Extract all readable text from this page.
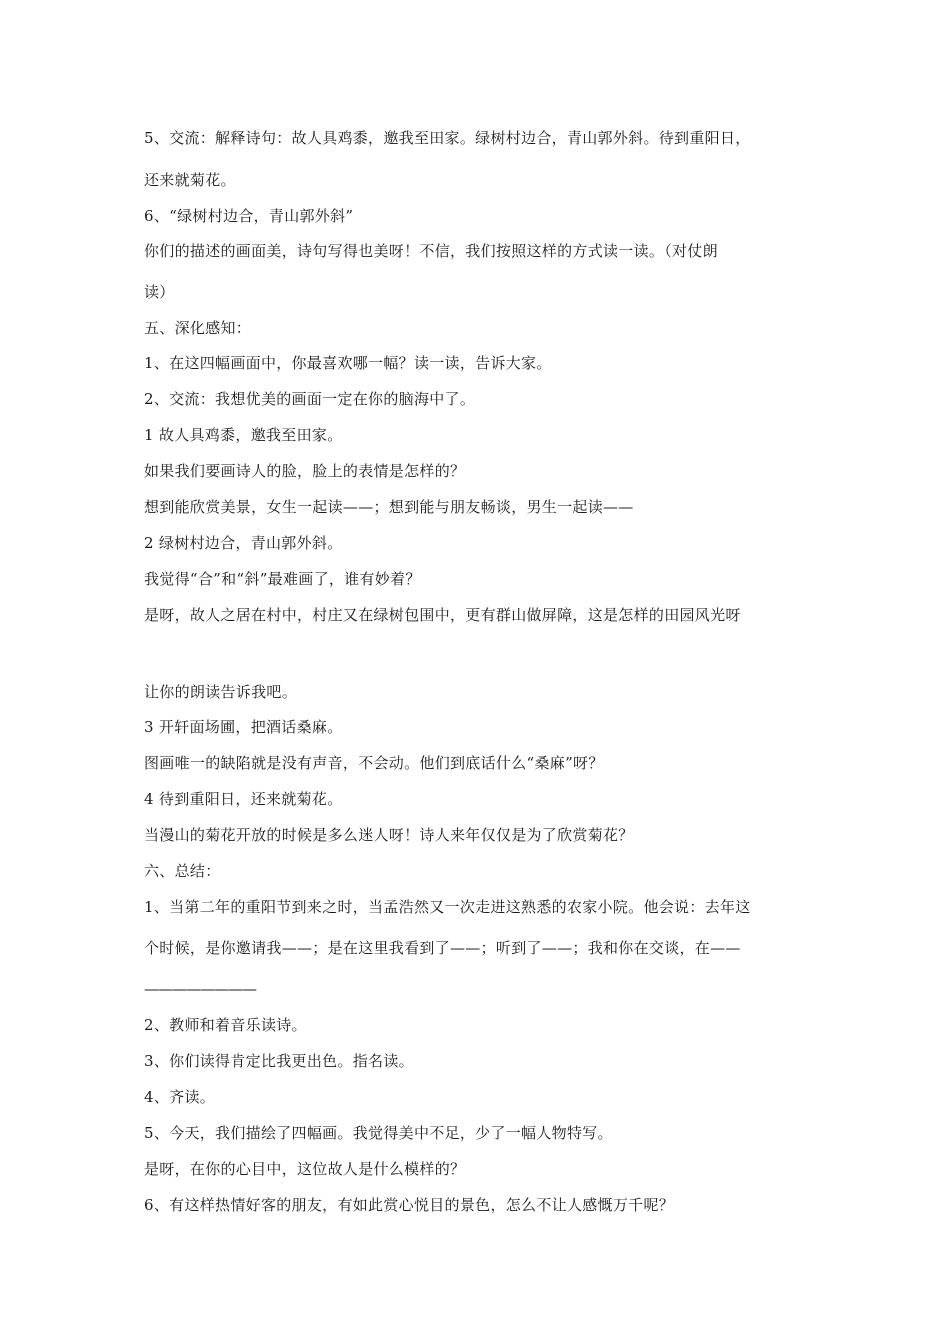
5、交流：解释诗句：故人具鸡黍，邀我至田家。绿树村边合，青山郭外斜。待到重阳日，

还来就菊花。

6、“绿树村边合，青山郭外斜”

你们的描述的画面美，诗句写得也美呀！不信，我们按照这样的方式读一读。（对仗朗

读）

五、深化感知：

1、在这四幅画面中，你最喜欢哪一幅？读一读，告诉大家。

2、交流：我想优美的画面一定在你的脑海中了。

1 故人具鸡黍，邀我至田家。

如果我们要画诗人的脸，脸上的表情是怎样的？

想到能欣赏美景，女生一起读——；想到能与朋友畅谈，男生一起读——

2 绿树村边合，青山郭外斜。

我觉得“合”和“斜”最难画了，谁有妙着？

是呀，故人之居在村中，村庄又在绿树包围中，更有群山做屏障，这是怎样的田园风光呀

让你的朗读告诉我吧。

3 开轩面场圃，把酒话桑麻。

图画唯一的缺陷就是没有声音，不会动。他们到底话什么“桑麻”呀？

4 待到重阳日，还来就菊花。

当漫山的菊花开放的时候是多么迷人呀！诗人来年仅仅是为了欣赏菊花？

六、总结：

1、当第二年的重阳节到来之时，当孟浩然又一次走进这熟悉的农家小院。他会说：去年这

个时候，是你邀请我——；是在这里我看到了——；听到了——；我和你在交谈，在——

————————

2、教师和着音乐读诗。

3、你们读得肯定比我更出色。指名读。

4、齐读。

5、今天，我们描绘了四幅画。我觉得美中不足，少了一幅人物特写。

是呀，在你的心目中，这位故人是什么模样的？

6、有这样热情好客的朋友，有如此赏心悦目的景色，怎么不让人感慨万千呢？
